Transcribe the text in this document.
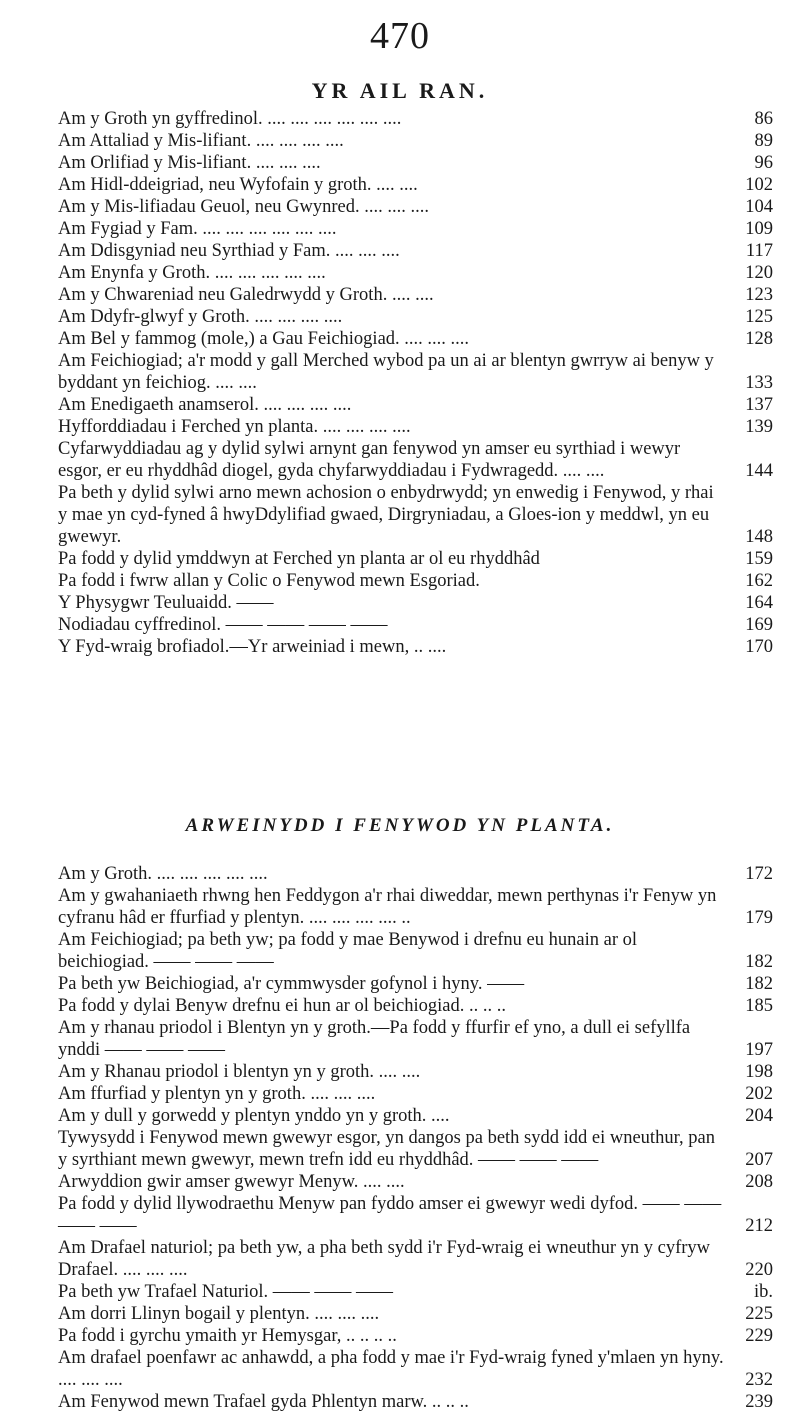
470
YR AIL RAN.
Am y Groth yn gyffredinol. .... .... .... .... .... ....	86
Am Attaliad y Mis-lifiant. .... .... .... ....	89
Am Orlifiad y Mis-lifiant. .... .... ....	96
Am Hidl-ddeigriad, neu Wyfofain y groth. .... ....	102
Am y Mis-lifiadau Geuol, neu Gwynred. .... .... ....	104
Am Fygiad y Fam. .... .... .... .... .... ....	109
Am Ddisgyniad neu Syrthiad y Fam. .... .... ....	117
Am Enynfa y Groth. .... .... .... .... ....	120
Am y Chwareniad neu Galedrwydd y Groth. .... ....	123
Am Ddyfr-glwyf y Groth. .... .... .... ....	125
Am Bel y fammog (mole,) a Gau Feichiogiad. .... .... ....	128
Am Feichiogiad; a'r modd y gall Merched wybod pa un ai ar blentyn gwrryw ai benyw y byddant yn feichiog. .... ....	133
Am Enedigaeth anamserol. .... .... .... ....	137
Hyfforddiadau i Ferched yn planta. .... .... .... ....	139
Cyfarwyddiadau ag y dylid sylwi arnynt gan fenywod yn amser eu syrthiad i wewyr esgor, er eu rhyddhâd diogel, gyda chyfarwyddiadau i Fydwragedd. .... ....	144
Pa beth y dylid sylwi arno mewn achosion o enbydrwydd; yn enwedig i Fenywod, y rhai y mae yn cyd-fyned â hwyDdylifiad gwaed, Dirgryniadau, a Gloes-ion y meddwl, yn eu gwewyr.	148
Pa fodd y dylid ymddwyn at Ferched yn planta ar ol eu rhyddhâd	159
Pa fodd i fwrw allan y Colic o Fenywod mewn Esgoriad.	162
Y Physygwr Teuluaidd. ——	164
Nodiadau cyffredinol. —— —— —— ——	169
Y Fyd-wraig brofiadol.—Yr arweiniad i mewn, .. ....	170
ARWEINYDD I FENYWOD YN PLANTA.
Am y Groth. .... .... .... .... ....	172
Am y gwahaniaeth rhwng hen Feddygon a'r rhai diweddar, mewn perthynas i'r Fenyw yn cyfranu hâd er ffurfiad y plentyn. .... .... .... .... ..	179
Am Feichiogiad; pa beth yw; pa fodd y mae Benywod i drefnu eu hunain ar ol beichiogiad. —— —— ——	182
Pa beth yw Beichiogiad, a'r cymmwysder gofynol i hyny. ——	182
Pa fodd y dylai Benyw drefnu ei hun ar ol beichiogiad. .. .. ..	185
Am y rhanau priodol i Blentyn yn y groth.—Pa fodd y ffurfir ef yno, a dull ei sefyllfa ynddi —— —— ——	197
Am y Rhanau priodol i blentyn yn y groth. .... ....	198
Am ffurfiad y plentyn yn y groth. .... .... ....	202
Am y dull y gorwedd y plentyn ynddo yn y groth. ....	204
Tywysydd i Fenywod mewn gwewyr esgor, yn dangos pa beth sydd idd ei wneuthur, pan y syrthiant mewn gwewyr, mewn trefn idd eu rhyddhâd. —— —— ——	207
Arwyddion gwir amser gwewyr Menyw. .... ....	208
Pa fodd y dylid llywodraethu Menyw pan fyddo amser ei gwewyr wedi dyfod. —— —— —— ——	212
Am Drafael naturiol; pa beth yw, a pha beth sydd i'r Fyd-wraig ei wneuthur yn y cyfryw Drafael. .... .... ....	220
Pa beth yw Trafael Naturiol. —— —— ——	ib.
Am dorri Llinyn bogail y plentyn. .... .... ....	225
Pa fodd i gyrchu ymaith yr Hemysgar, .. .. .. ..	229
Am drafael poenfawr ac anhawdd, a pha fodd y mae i'r Fyd-wraig fyned y'mlaen yn hyny. .... .... ....	232
Am Fenywod mewn Trafael gyda Phlentyn marw. .. .. ..	239
